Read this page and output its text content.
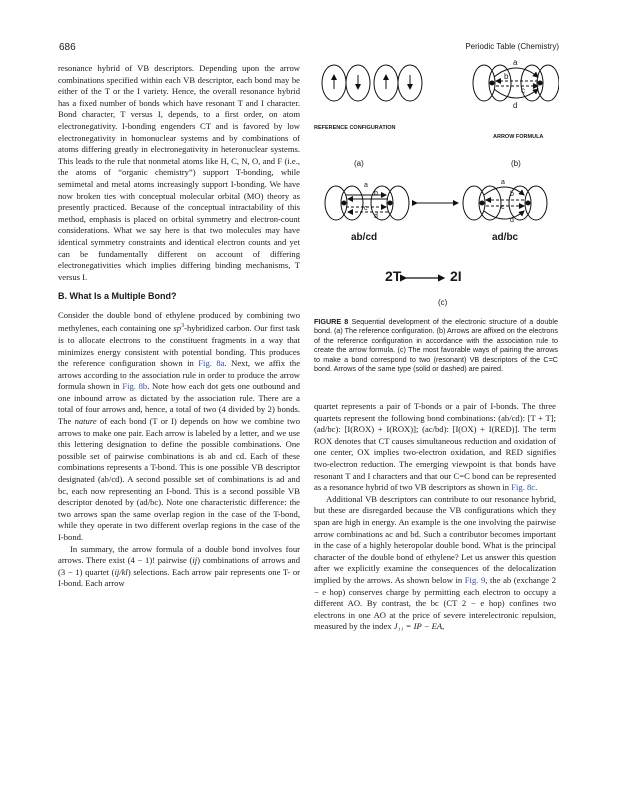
686	Periodic Table (Chemistry)

resonance hybrid of VB descriptors. Depending upon the arrow combinations specified within each VB descriptor, each bond may be either of the T or the I variety. Hence, the overall resonance hybrid has a fixed number of bonds which have resonant T and I character. Bond character, T versus I, depends, to a first order, on atom electronegativity. I-bonding engenders CT and is favored by low electronegativity in homonuclear systems and by combinations of atoms differing greatly in electronegativity in heteronuclear systems. This leads to the rule that nonmetal atoms like H, C, N, O, and F (i.e., the atoms of “organic chemistry”) support T-bonding, while semimetal and metal atoms increasingly support I-bonding. We have now broken ties with conceptual molecular orbital (MO) theory as presently practiced. Because of the conceptual intractability of this method, emphasis is placed on orbital symmetry and electron-count considerations. What we say here is that two molecules may have identical symmetry constraints and identical electron counts and yet can be fundamentally different on account of differing electronegativities which implies differing binding mechanisms, T versus I.

B. What Is a Multiple Bond?

Consider the double bond of ethylene produced by combining two methylenes, each containing one $sp^3$-hybridized carbon. Our first task is to allocate electrons to the constituent fragments in a way that minimizes energy consistent with potential bonding. This produces the reference configuration shown in Fig. 8a. Next, we affix the arrows according to the association rule in order to produce the arrow formula shown in Fig. 8b. Note how each dot gets one outbound and one inbound arrow as dictated by the association rule. There are a total of four arrows and, hence, a total of two (4 divided by 2) bonds. The nature of each bond (T or I) depends on how we combine two arrows to make one pair. Each arrow is labeled by a letter, and we use this lettering designation to define the possible combinations. One possible set of pairwise combinations is ab and cd. Each of these combinations represents a T-bond. This is one possible VB descriptor designated (ab/cd). A second possible set of combinations is ad and bc, each now representing an I-bond. This is a second possible VB descriptor denoted by (ad/bc). Note one characteristic difference: the two arrows span the same overlap region in the case of the T-bond, while they operate in two different overlap regions in the case of the I-bond.

In summary, the arrow formula of a double bond involves four arrows. There exist (4 − 1)! pairwise (ij) combinations of arrows and (3 − 1) quartet (ij/kl) selections. Each arrow pair represents one T- or I-bond. Each arrow

a
b
c
d
a
b
c
d
a
b
c
d
REFERENCE CONFIGURATION
ARROW FORMULA
(a)	(b)
ab/cd	ad/bc
2T	2I
(c)
FIGURE 8 Sequential development of the electronic structure of a double bond. (a) The reference configuration. (b) Arrows are affixed on the electrons of the reference configuration in accordance with the association rule to create the arrow formula. (c) The most favorable ways of pairing the arrows to make a bond correspond to two (resonant) VB descriptors of the C=C bond. Arrows of the same type (solid or dashed) are paired.

quartet represents a pair of T-bonds or a pair of I-bonds. The three quartets represent the following bond combinations: (ab/cd): [T + T]; (ad/bc): [I(ROX) + I(ROX)]; (ac/bd): [I(OX) + I(RED)]. The term ROX denotes that CT causes simultaneous reduction and oxidation of one center, OX implies two-electron oxidation, and RED signifies two-electron reduction. The emerging viewpoint is that bonds have resonant T and I characters and that our C=C bond can be represented as a resonance hybrid of two VB descriptors as shown in Fig. 8c.

Additional VB descriptors can contribute to our resonance hybrid, but these are disregarded because the VB configurations which they span are high in energy. An example is the one involving the pairwise arrow combinations ac and bd. Such a contributor becomes important in the case of a highly heteropolar double bond. What is the principal character of the double bond of ethylene? Let us answer this question after we explicitly examine the consequences of the delocalization implied by the arrows. As shown below in Fig. 9, the ab (exchange 2 − e hop) conserves charge by permitting each electron to occupy a different AO. By contrast, the bc (CT 2 − e hop) confines two electrons in one AO at the price of severe interelectronic repulsion, measured by the index J₁₁ = IP − EA,
